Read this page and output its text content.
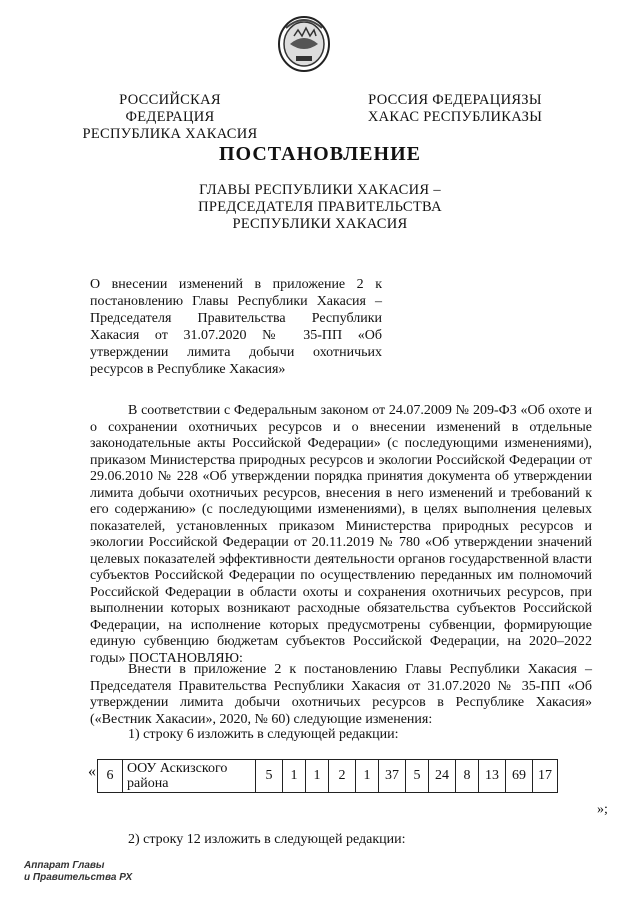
РОССИЙСКАЯ ФЕДЕРАЦИЯ
РЕСПУБЛИКА ХАКАСИЯ
РОССИЯ ФЕДЕРАЦИЯЗЫ
ХАКАС РЕСПУБЛИКАЗЫ
ПОСТАНОВЛЕНИЕ
ГЛАВЫ РЕСПУБЛИКИ ХАКАСИЯ –
ПРЕДСЕДАТЕЛЯ ПРАВИТЕЛЬСТВА
РЕСПУБЛИКИ ХАКАСИЯ

О внесении изменений в приложение 2 к постановлению Главы Республики Хакасия – Председателя Правительства Республики Хакасия от 31.07.2020 № 35-ПП «Об утверждении лимита добычи охотничьих ресурсов в Республике Хакасия»

В соответствии с Федеральным законом от 24.07.2009 № 209-ФЗ «Об охоте и о сохранении охотничьих ресурсов и о внесении изменений в отдельные законодательные акты Российской Федерации» (с последующими изменениями), приказом Министерства природных ресурсов и экологии Российской Федерации от 29.06.2010 № 228 «Об утверждении порядка принятия документа об утверждении лимита добычи охотничьих ресурсов, внесения в него изменений и требований к его содержанию» (с последующими изменениями), в целях выполнения целевых показателей, установленных приказом Министерства природных ресурсов и экологии Российской Федерации от 20.11.2019 № 780 «Об утверждении значений целевых показателей эффективности деятельности органов государственной власти субъектов Российской Федерации по осуществлению переданных им полномочий Российской Федерации в области охоты и сохранения охотничьих ресурсов, при выполнении которых возникают расходные обязательства субъектов Российской Федерации, на исполнение которых предусмотрены субвенции, формирующие единую субвенцию бюджетам субъектов Российской Федерации, на 2020–2022 годы» ПОСТАНОВЛЯЮ:

Внести в приложение 2 к постановлению Главы Республики Хакасия – Председателя Правительства Республики Хакасия от 31.07.2020 № 35-ПП «Об утверждении лимита добычи охотничьих ресурсов в Республике Хакасия» («Вестник Хакасии», 2020, № 60) следующие изменения:

1) строку 6 изложить в следующей редакции:

« 6	ООУ Аскизского района	5	1	1	2	1	37	5	24	8	13	69	17
»;

2) строку 12 изложить в следующей редакции:

Аппарат Главы
и Правительства РХ
